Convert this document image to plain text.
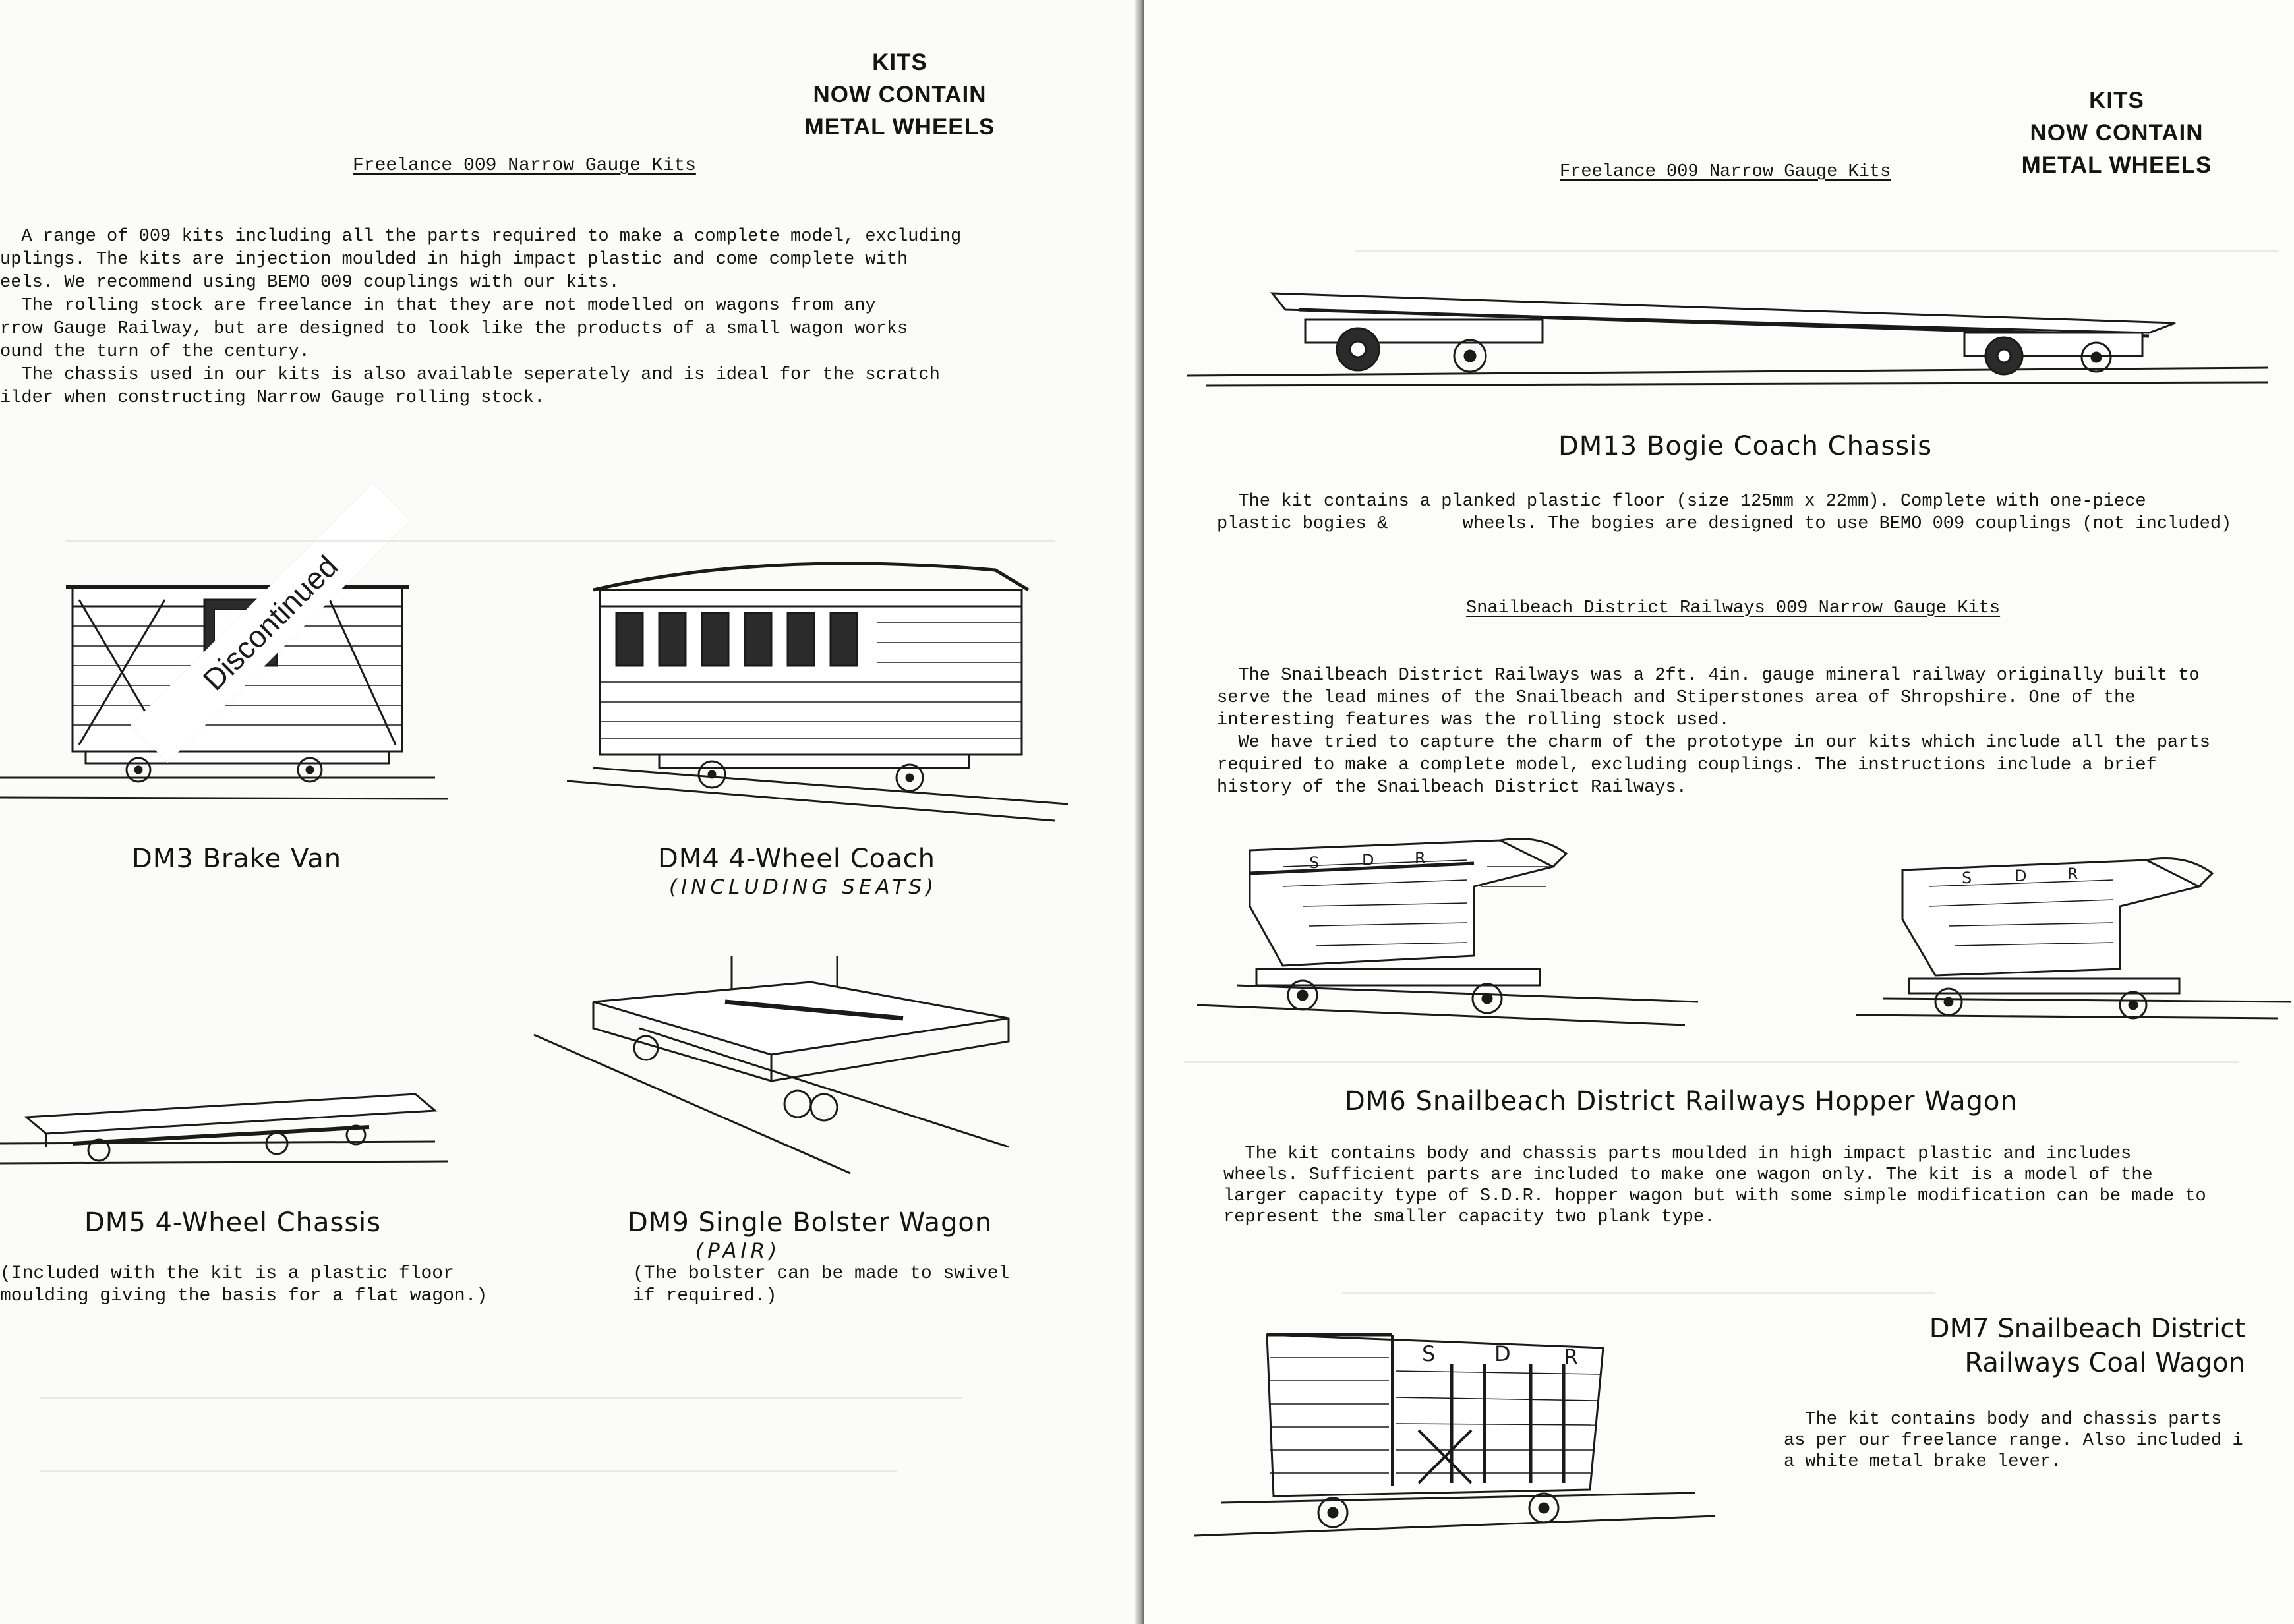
KITS
NOW CONTAIN
METAL WHEELS
Freelance 009 Narrow Gauge Kits

A range of 009 kits including all the parts required to make a complete model, excluding

uplings. The kits are injection moulded in high impact plastic and come complete with

eels. We recommend using BEMO 009 couplings with our kits.

The rolling stock are freelance in that they are not modelled on wagons from any

rrow Gauge Railway, but are designed to look like the products of a small wagon works

ound the turn of the century.

The chassis used in our kits is also available seperately and is ideal for the scratch

ilder when constructing Narrow Gauge rolling stock.

Discontinued
DM3 Brake Van	DM4 4-Wheel Coach
(INCLUDING SEATS)
DM5 4-Wheel Chassis
(Included with the kit is a plastic floor
moulding giving the basis for a flat wagon.)
DM9 Single Bolster Wagon
(PAIR)
(The bolster can be made to swivel
if required.)
KITS
NOW CONTAIN
METAL WHEELS
Freelance 009 Narrow Gauge Kits
DM13 Bogie Coach Chassis

The kit contains a planked plastic floor (size 125mm x 22mm). Complete with one-piece

plastic bogies &       wheels. The bogies are designed to use BEMO 009 couplings (not included)

Snailbeach District Railways 009 Narrow Gauge Kits

The Snailbeach District Railways was a 2ft. 4in. gauge mineral railway originally built to

serve the lead mines of the Snailbeach and Stiperstones area of Shropshire. One of the

interesting features was the rolling stock used.

We have tried to capture the charm of the prototype in our kits which include all the parts

required to make a complete model, excluding couplings. The instructions include a brief

history of the Snailbeach District Railways.

S	D	R
S	D	R
DM6 Snailbeach District Railways Hopper Wagon

The kit contains body and chassis parts moulded in high impact plastic and includes

wheels. Sufficient parts are included to make one wagon only. The kit is a model of the

larger capacity type of S.D.R. hopper wagon but with some simple modification can be made to

represent the smaller capacity two plank type.

S	D	R
DM7 Snailbeach District
Railways Coal Wagon

The kit contains body and chassis parts

as per our freelance range. Also included i

a white metal brake lever.
